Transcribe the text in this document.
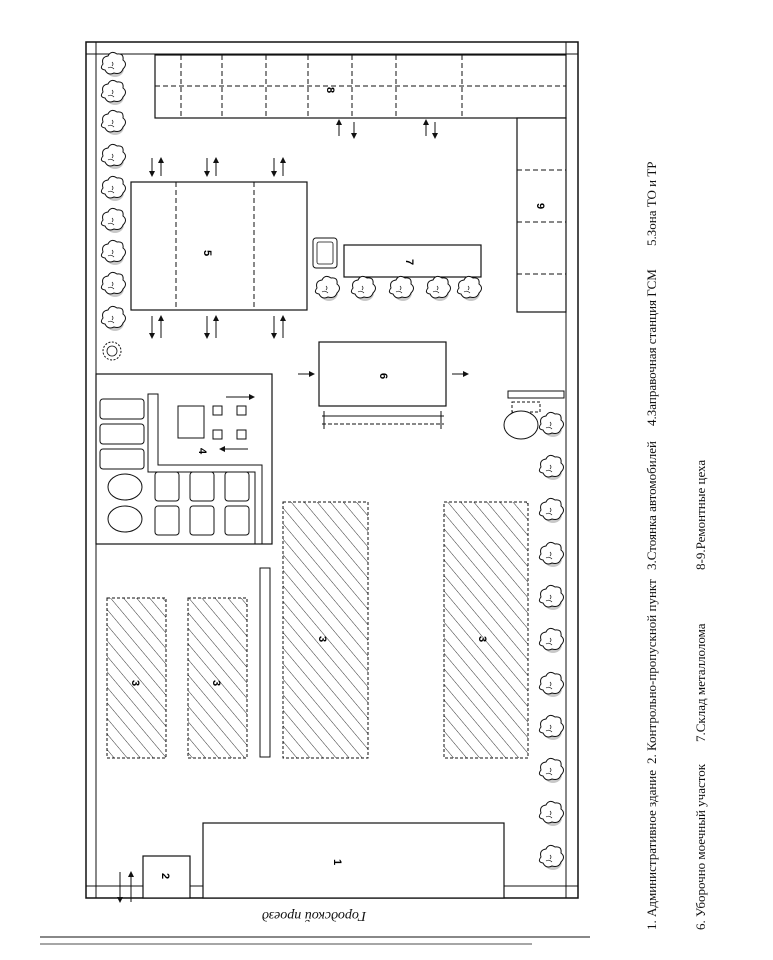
8
9
5
7
6
4
3	3
3	3
1
2
Городской проезд	1. Административное здание
2. Контрольно-пропускной пункт
3.Стоянка автомобилей
4.Заправочная станция ГСМ
5.Зона ТО и ТР
6. Уборочно моечный участок
7.Склад металлолома
8-9.Ремонтные цеха
